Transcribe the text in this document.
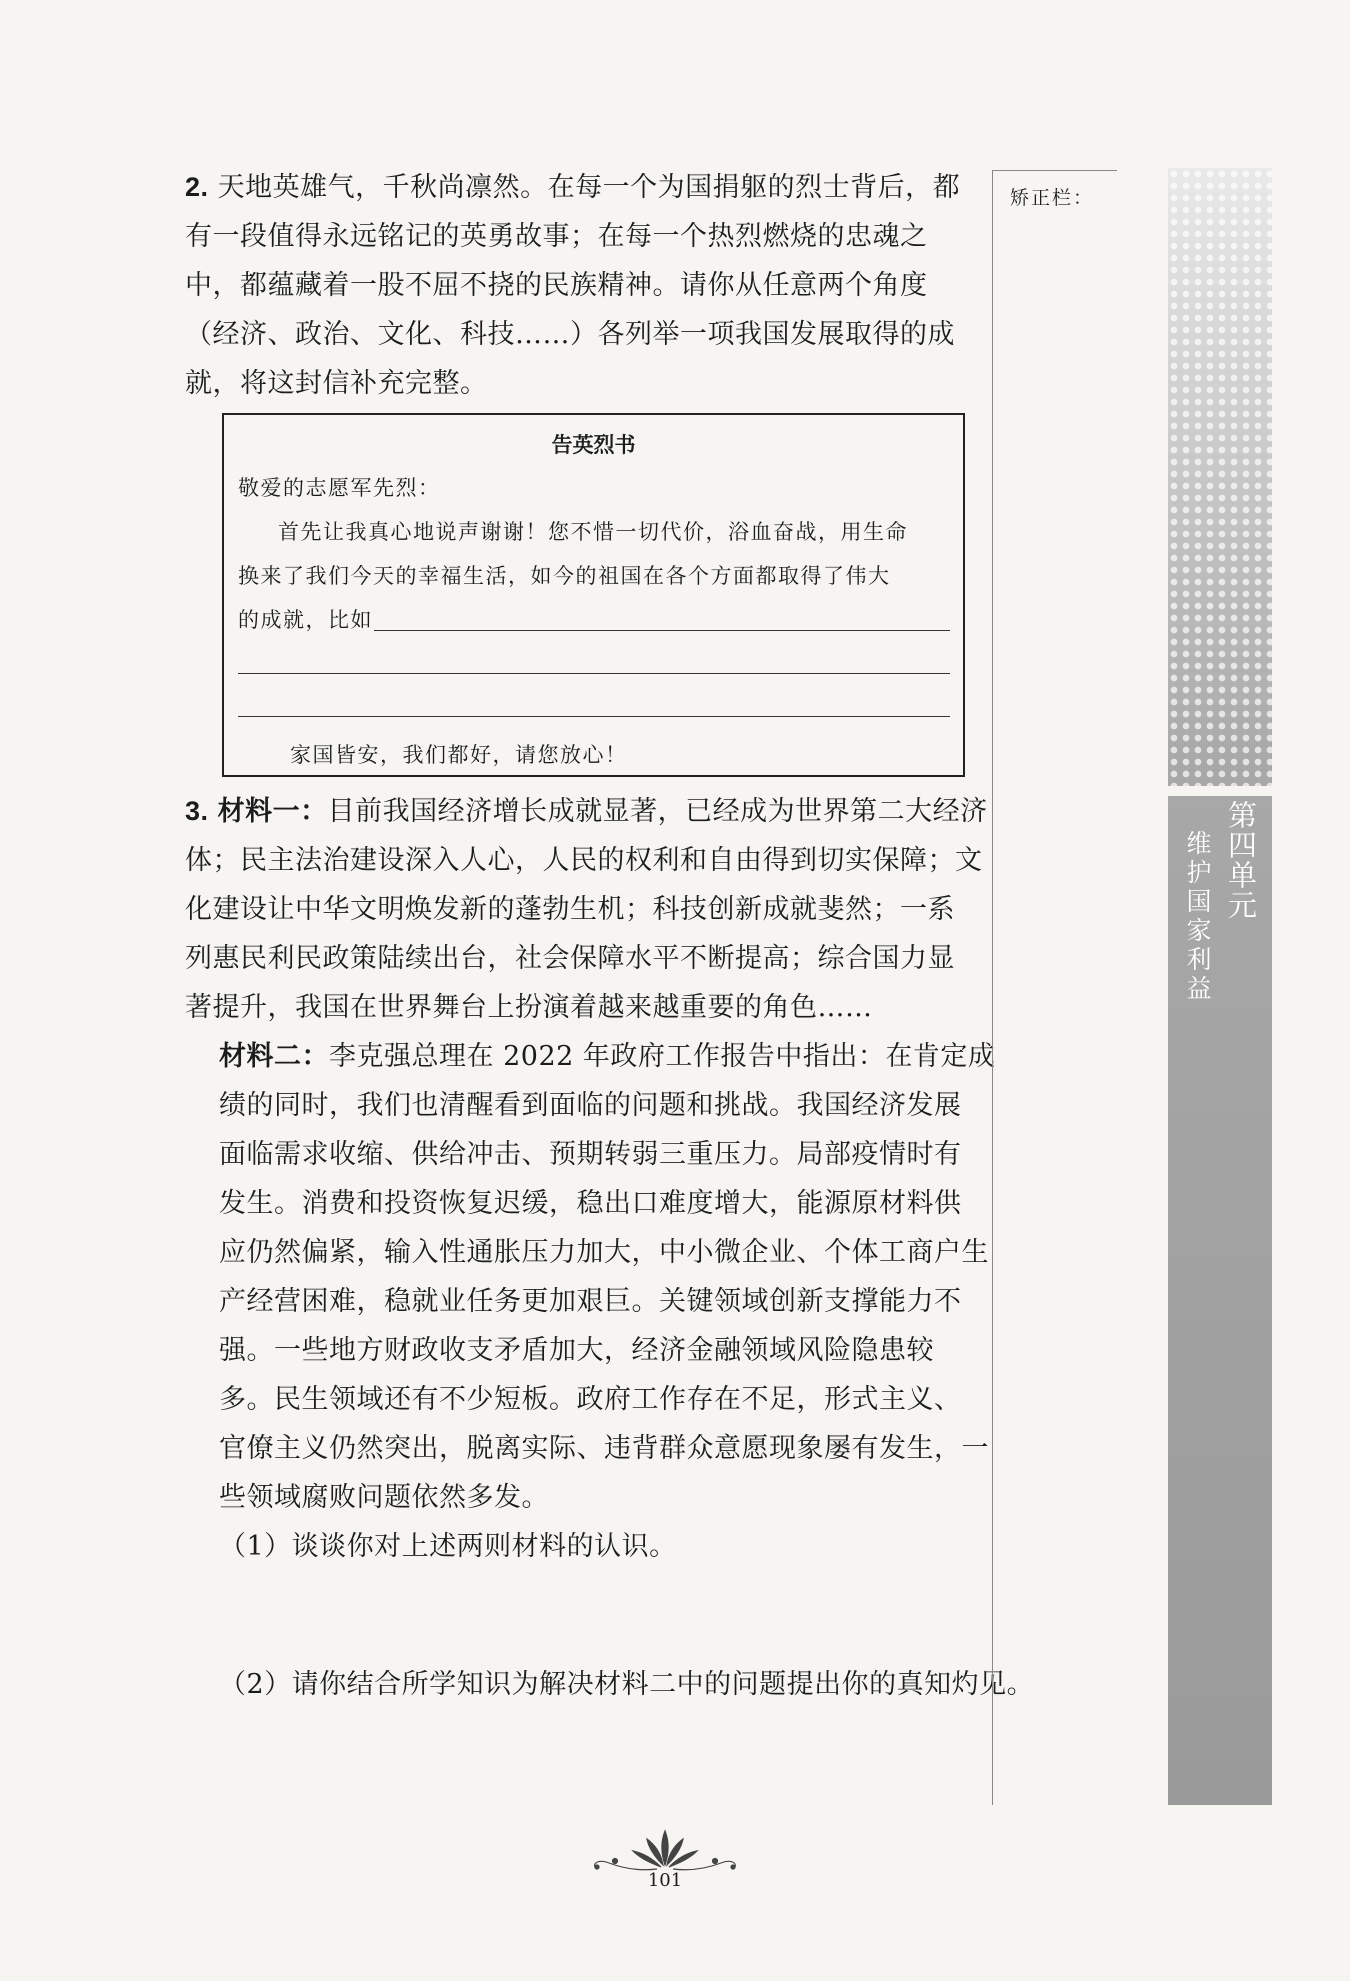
2. 天地英雄气，千秋尚凛然。在每一个为国捐躯的烈士背后，都
有一段值得永远铭记的英勇故事；在每一个热烈燃烧的忠魂之
中，都蕴藏着一股不屈不挠的民族精神。请你从任意两个角度
（经济、政治、文化、科技……）各列举一项我国发展取得的成
就，将这封信补充完整。
告英烈书
敬爱的志愿军先烈：
首先让我真心地说声谢谢！您不惜一切代价，浴血奋战，用生命
换来了我们今天的幸福生活，如今的祖国在各个方面都取得了伟大
的成就，比如
家国皆安，我们都好，请您放心！
3. 材料一：目前我国经济增长成就显著，已经成为世界第二大经济
体；民主法治建设深入人心，人民的权利和自由得到切实保障；文
化建设让中华文明焕发新的蓬勃生机；科技创新成就斐然；一系
列惠民利民政策陆续出台，社会保障水平不断提高；综合国力显
著提升，我国在世界舞台上扮演着越来越重要的角色……
材料二：李克强总理在 2022 年政府工作报告中指出：在肯定成
绩的同时，我们也清醒看到面临的问题和挑战。我国经济发展
面临需求收缩、供给冲击、预期转弱三重压力。局部疫情时有
发生。消费和投资恢复迟缓，稳出口难度增大，能源原材料供
应仍然偏紧，输入性通胀压力加大，中小微企业、个体工商户生
产经营困难，稳就业任务更加艰巨。关键领域创新支撑能力不
强。一些地方财政收支矛盾加大，经济金融领域风险隐患较
多。民生领域还有不少短板。政府工作存在不足，形式主义、
官僚主义仍然突出，脱离实际、违背群众意愿现象屡有发生，一
些领域腐败问题依然多发。
（1）谈谈你对上述两则材料的认识。
（2）请你结合所学知识为解决材料二中的问题提出你的真知灼见。
矫正栏：
第四单元
维护国家利益
101
